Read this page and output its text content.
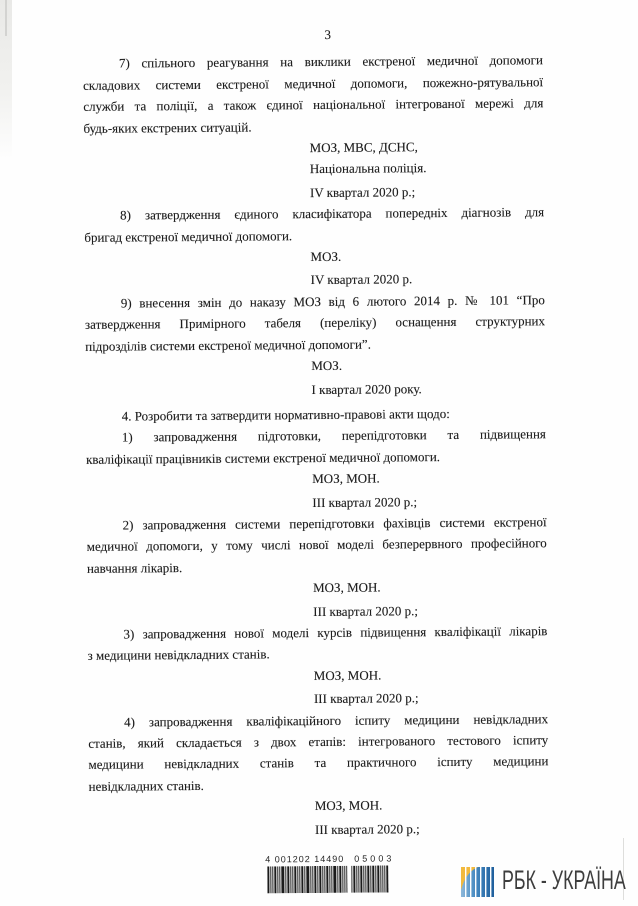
3
7) спільного реагування на виклики екстреної медичної допомоги
складових системи екстреної медичної допомоги, пожежно-рятувальної
служби та поліції, а також єдиної національної інтегрованої мережі для
будь-яких екстрених ситуацій.
МОЗ, МВС, ДСНС,
Національна поліція.
IV квартал 2020 р.;
8) затвердження єдиного класифікатора попередніх діагнозів для
бригад екстреної медичної допомоги.
МОЗ.
IV квартал 2020 р.
9) внесення змін до наказу МОЗ від 6 лютого 2014 р. № 101 “Про
затвердження Примірного табеля (переліку) оснащення структурних
підрозділів системи екстреної медичної допомоги”.
МОЗ.
І квартал 2020 року.
4. Розробити та затвердити нормативно-правові акти щодо:
1) запровадження підготовки, перепідготовки та підвищення
кваліфікації працівників системи екстреної медичної допомоги.
МОЗ, МОН.
III квартал 2020 р.;
2) запровадження системи перепідготовки фахівців системи екстреної
медичної допомоги, у тому числі нової моделі безперервного професійного
навчання лікарів.
МОЗ, МОН.
III квартал 2020 р.;
3) запровадження нової моделі курсів підвищення кваліфікації лікарів
з медицини невідкладних станів.
МОЗ, МОН.
III квартал 2020 р.;
4) запровадження кваліфікаційного іспиту медицини невідкладних
станів, який складається з двох етапів: інтегрованого тестового іспиту
медицини невідкладних станів та практичного іспиту медицини
невідкладних станів.
МОЗ, МОН.
III квартал 2020 р.;
4 001202 14490 05003
РБК - УКРАЇНА
